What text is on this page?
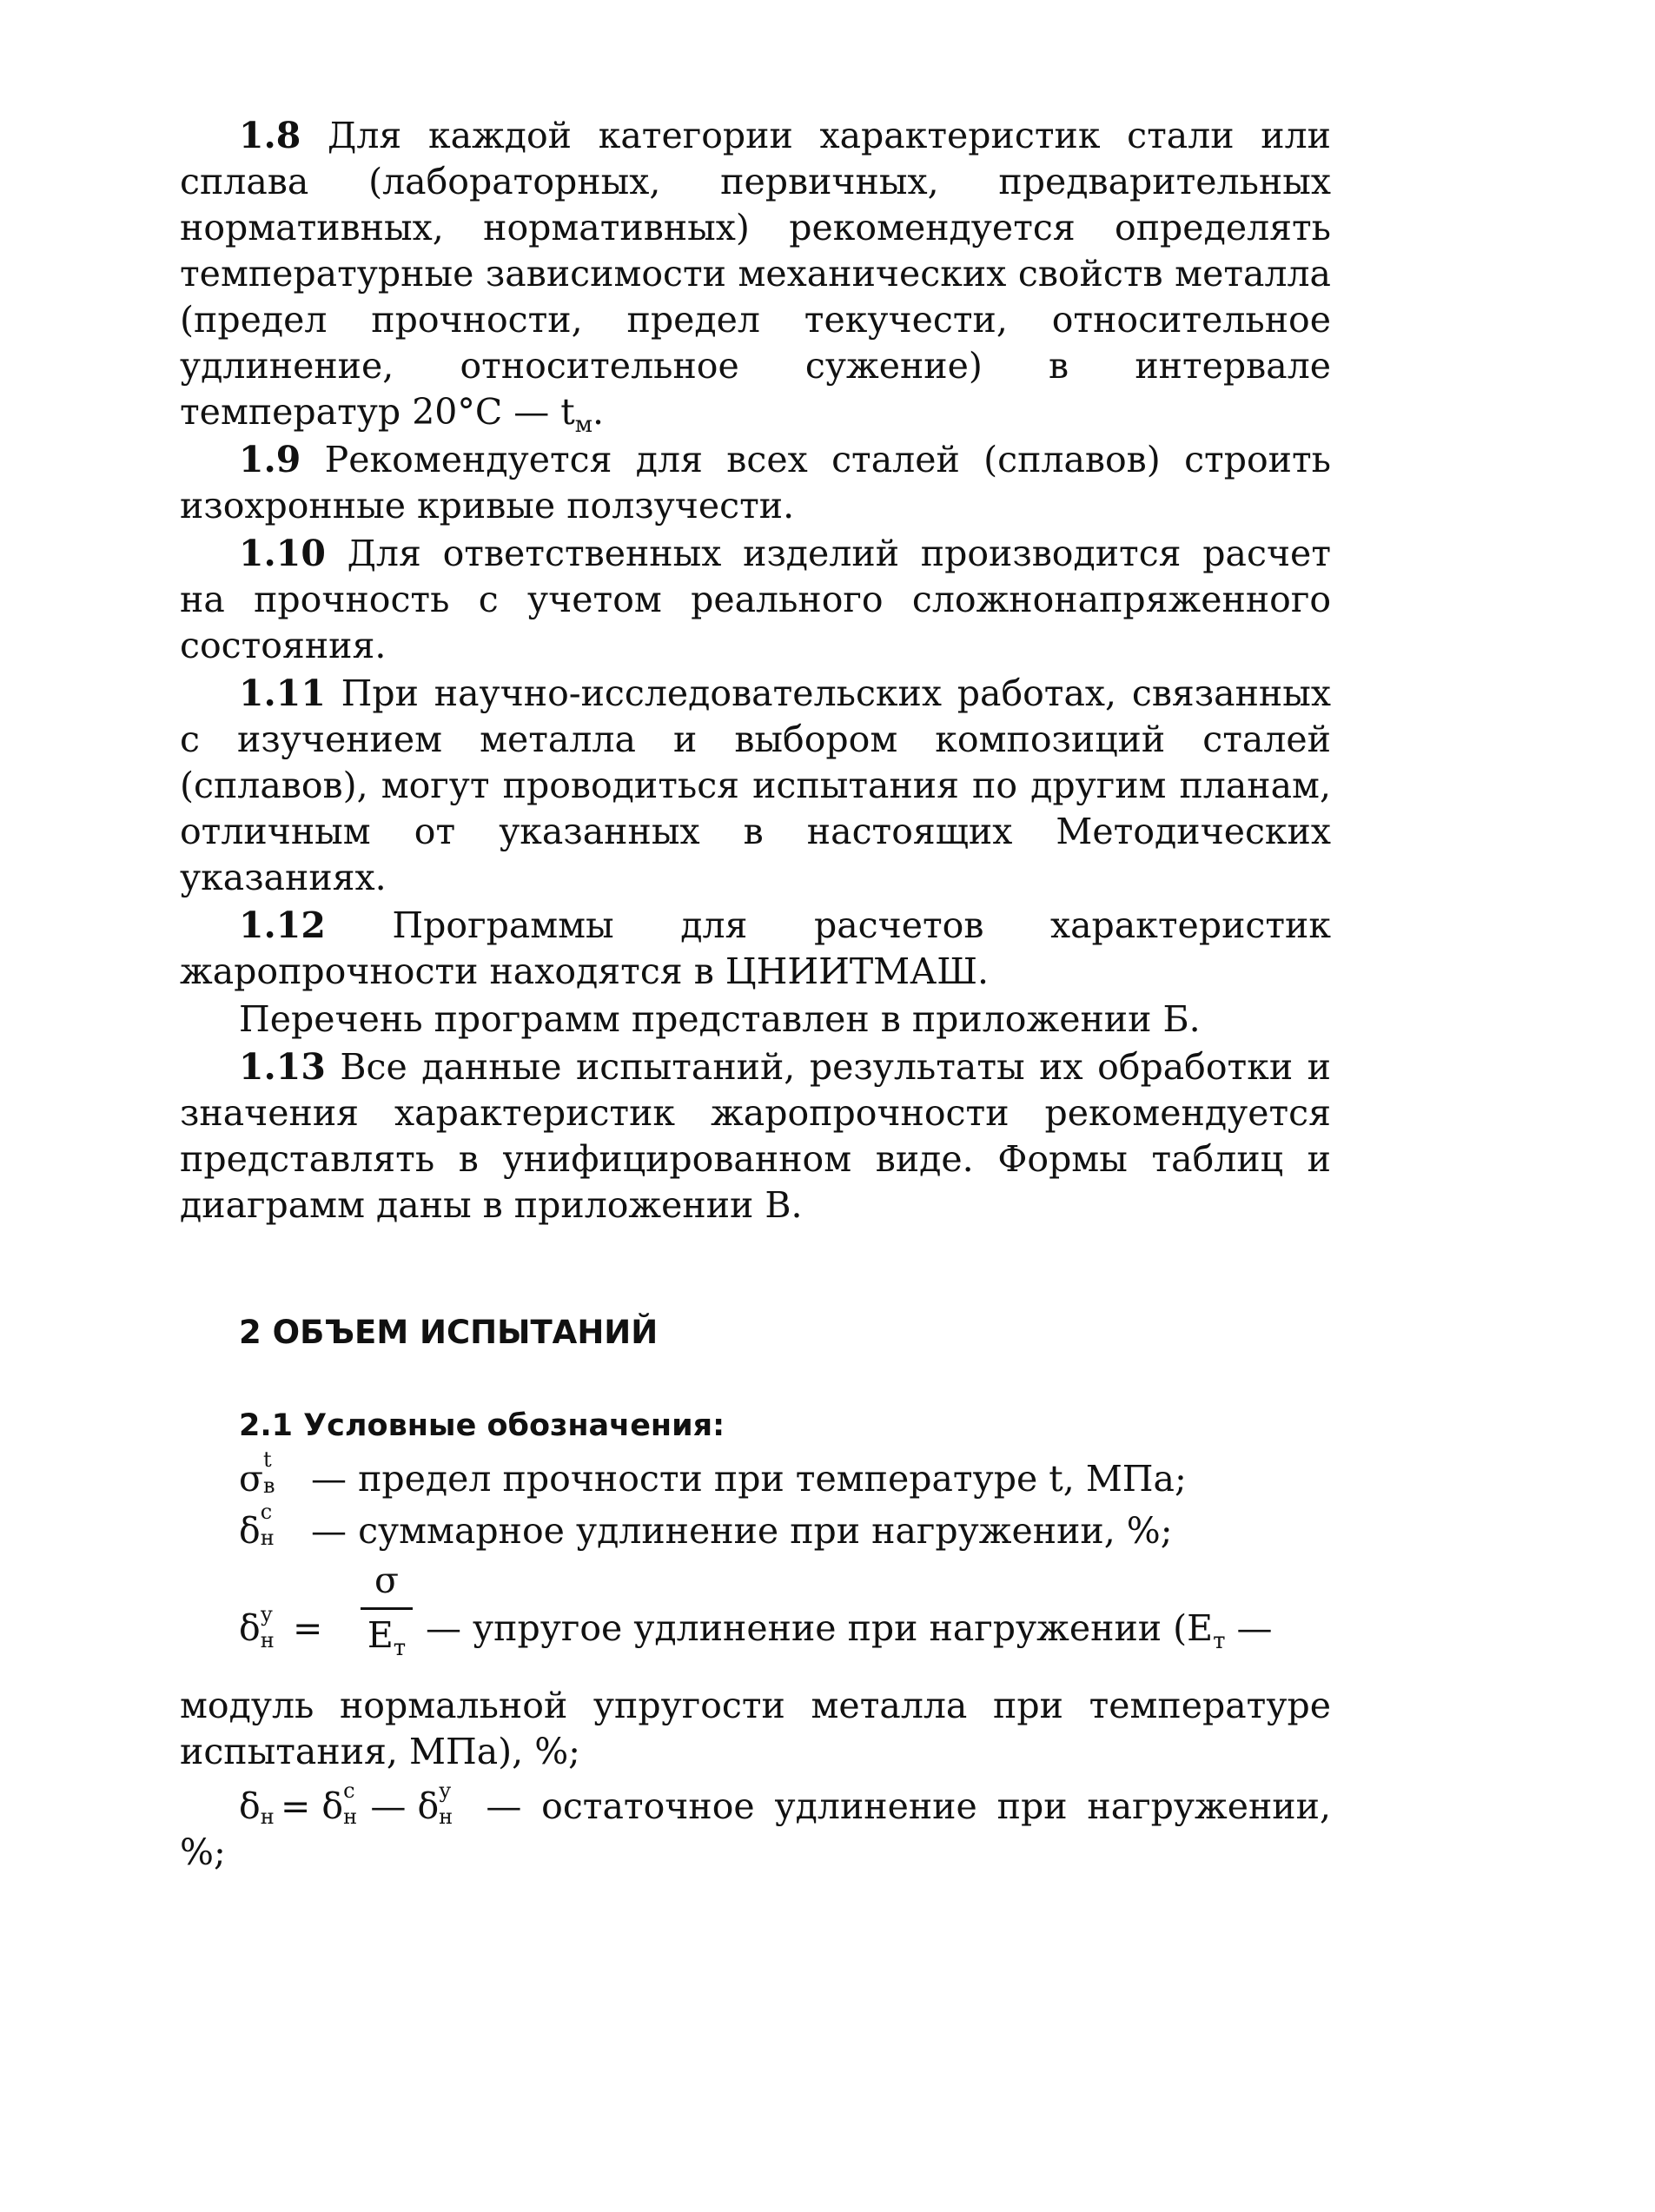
1.8 Для каждой категории характеристик стали или сплава (лабораторных, первичных, предварительных нормативных, нормативных) рекомендуется определять температурные зависимости механических свойств металла (предел прочности, предел текучести, относительное удлинение, относительное сужение) в интервале температур 20°С — $t_м$.

1.9 Рекомендуется для всех сталей (сплавов) строить изохронные кривые ползучести.

1.10 Для ответственных изделий производится расчет на прочность с учетом реального сложнонапряженного состояния.

1.11 При научно-исследовательских работах, связанных с изучением металла и выбором композиций сталей (сплавов), могут проводиться испытания по другим планам, отличным от указанных в настоящих Методических указаниях.

1.12 Программы для расчетов характеристик жаропрочности находятся в ЦНИИТМАШ.

Перечень программ представлен в приложении Б.

1.13 Все данные испытаний, результаты их обработки и значения характеристик жаропрочности рекомендуется представлять в унифицированном виде. Формы таблиц и диаграмм даны в приложении В.

2 ОБЪЕМ ИСПЫТАНИЙ
2.1 Условные обозначения:
σ t
в — предел прочности при температуре t, МПа;
δ с
н — суммарное удлинение при нагружении, %;
δ у
н =
σ
$E_т$ — упругое удлинение при нагружении ($E_т$ —

модуль нормальной упругости металла при температуре испытания, МПа), %;

δ н = δ с
н — δ у
н — остаточное удлинение при нагружении, %;
